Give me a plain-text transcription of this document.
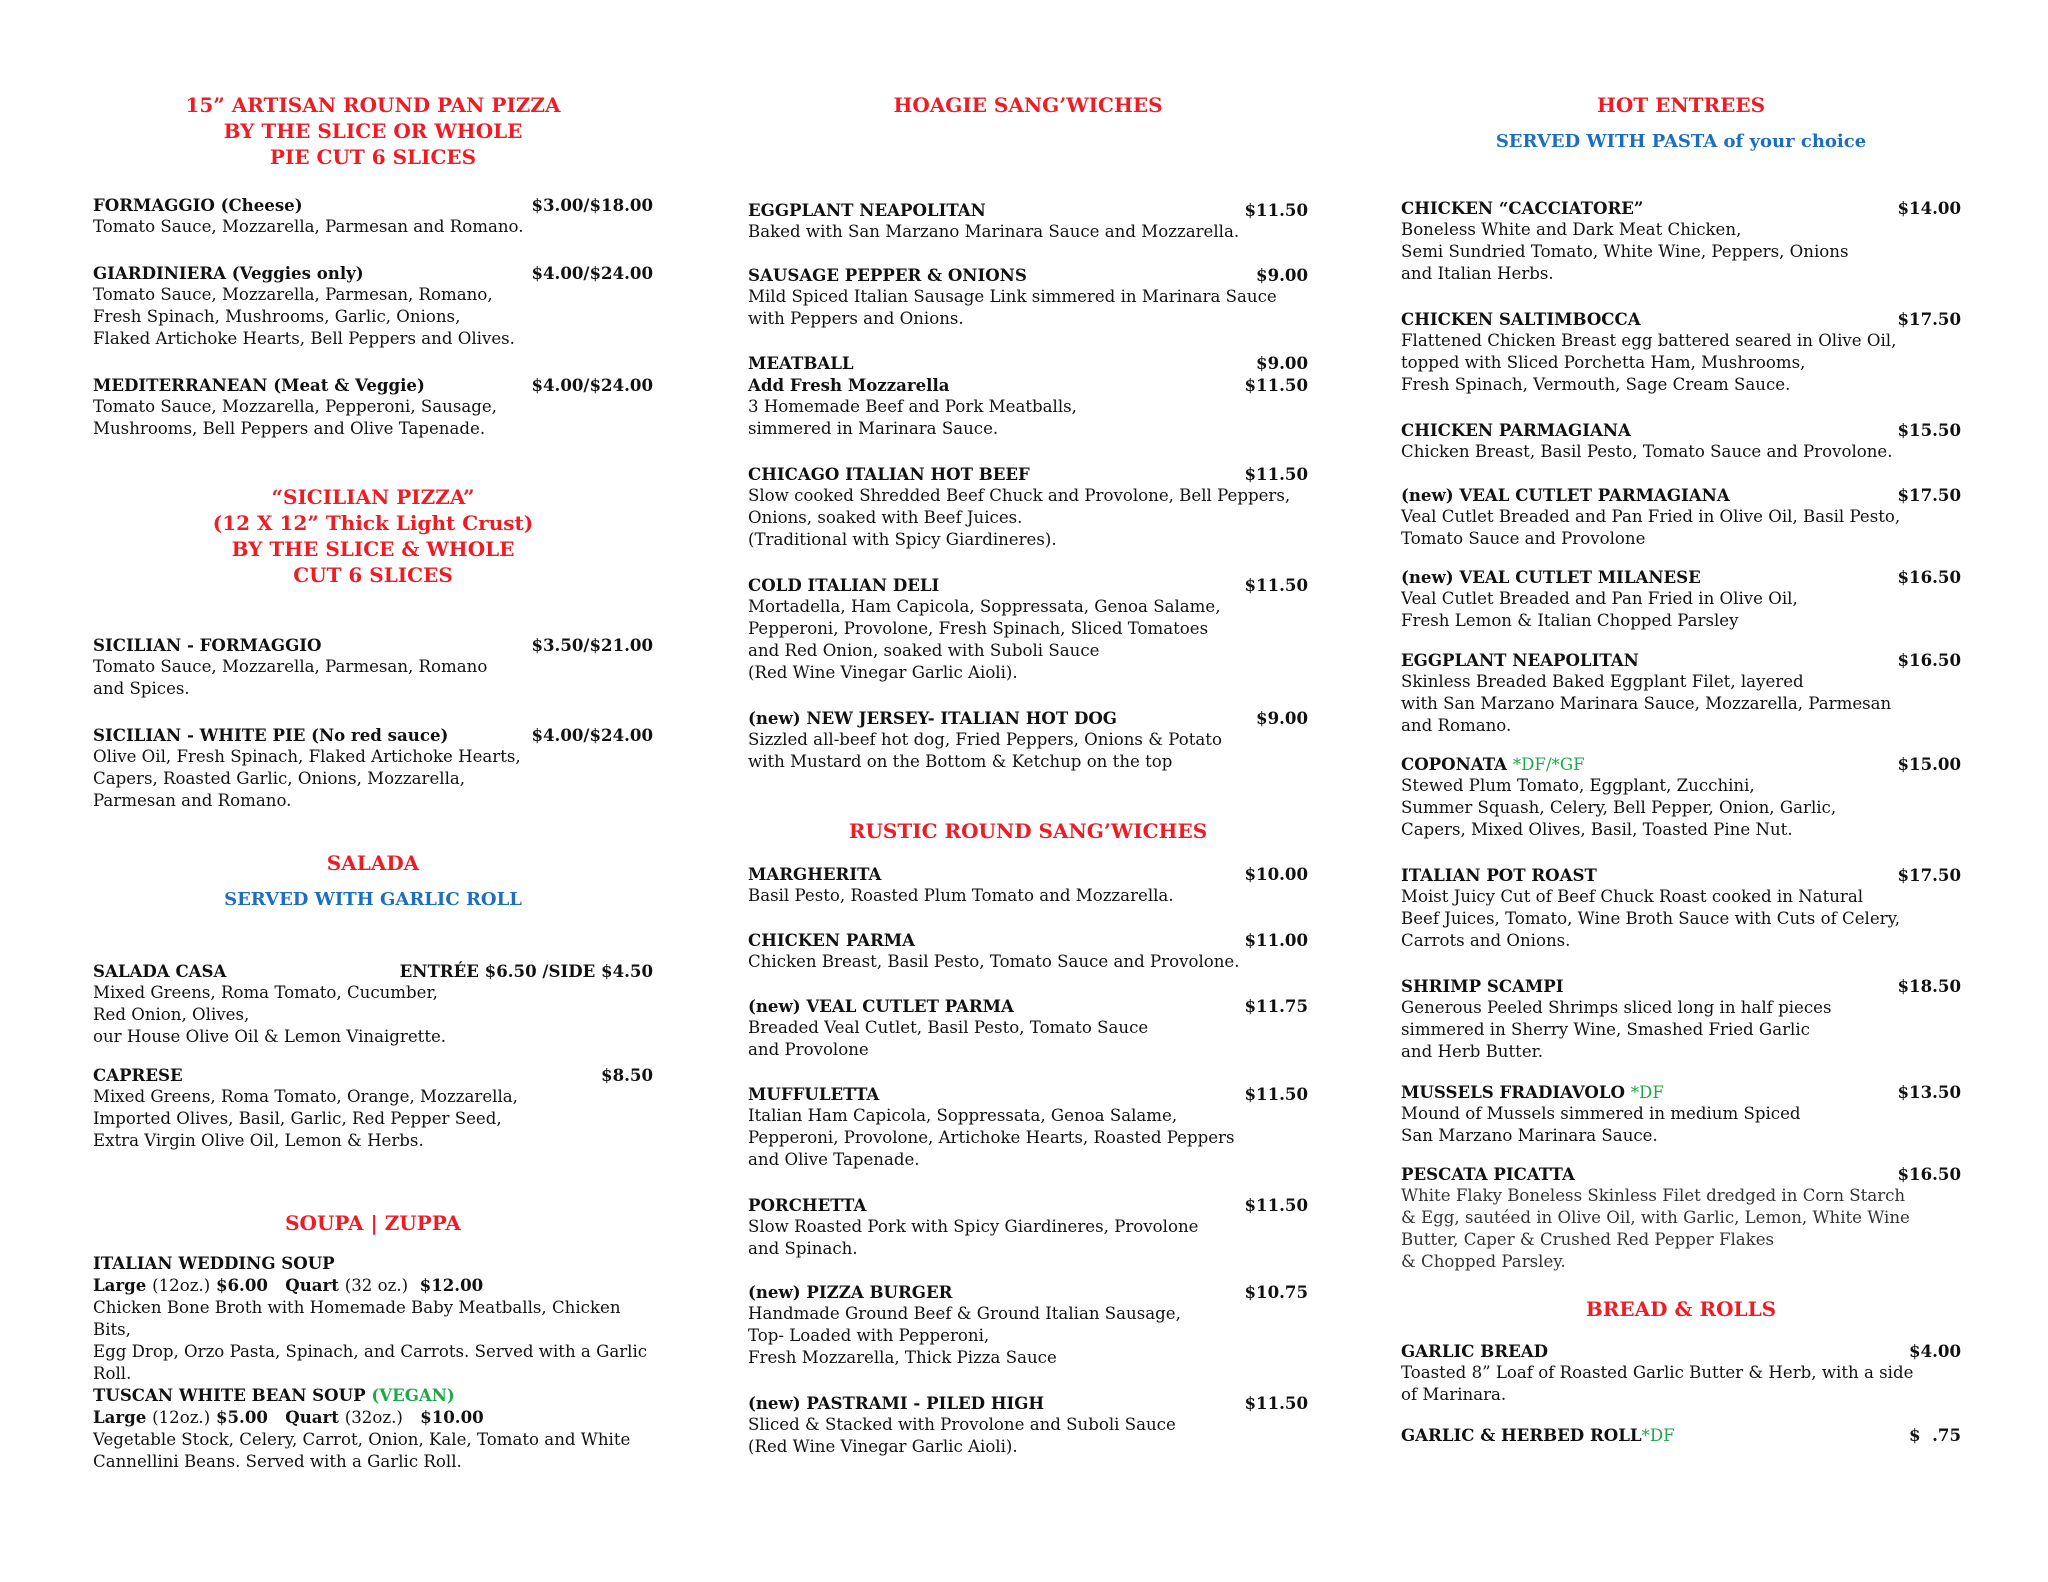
15” ARTISAN ROUND PAN PIZZA
BY THE SLICE OR WHOLE
PIE CUT 6 SLICES
FORMAGGIO (Cheese)	$3.00/$18.00
Tomato Sauce, Mozzarella, Parmesan and Romano.
GIARDINIERA (Veggies only)	$4.00/$24.00
Tomato Sauce, Mozzarella, Parmesan, Romano,
Fresh Spinach, Mushrooms, Garlic, Onions,
Flaked Artichoke Hearts, Bell Peppers and Olives.
MEDITERRANEAN (Meat & Veggie)	$4.00/$24.00
Tomato Sauce, Mozzarella, Pepperoni, Sausage,
Mushrooms, Bell Peppers and Olive Tapenade.
“SICILIAN PIZZA”
(12 X 12” Thick Light Crust)
BY THE SLICE & WHOLE
CUT 6 SLICES
SICILIAN - FORMAGGIO	$3.50/$21.00
Tomato Sauce, Mozzarella, Parmesan, Romano
and Spices.
SICILIAN - WHITE PIE (No red sauce)	$4.00/$24.00
Olive Oil, Fresh Spinach, Flaked Artichoke Hearts,
Capers, Roasted Garlic, Onions, Mozzarella,
Parmesan and Romano.
SALADA
SERVED WITH GARLIC ROLL
SALADA CASA	ENTRÉE $6.50 /SIDE $4.50
Mixed Greens, Roma Tomato, Cucumber,
Red Onion, Olives,
our House Olive Oil & Lemon Vinaigrette.
CAPRESE	$8.50
Mixed Greens, Roma Tomato, Orange, Mozzarella,
Imported Olives, Basil, Garlic, Red Pepper Seed,
Extra Virgin Olive Oil, Lemon & Herbs.
SOUPA | ZUPPA
ITALIAN WEDDING SOUP
Large (12oz.) $6.00 Quart (32 oz.) $12.00
Chicken Bone Broth with Homemade Baby Meatballs, Chicken Bits,
Egg Drop, Orzo Pasta, Spinach, and Carrots. Served with a Garlic
Roll.
TUSCAN WHITE BEAN SOUP (VEGAN)
Large (12oz.) $5.00 Quart (32oz.) $10.00
Vegetable Stock, Celery, Carrot, Onion, Kale, Tomato and White
Cannellini Beans. Served with a Garlic Roll.
HOAGIE SANG’WICHES
EGGPLANT NEAPOLITAN	$11.50
Baked with San Marzano Marinara Sauce and Mozzarella.
SAUSAGE PEPPER & ONIONS	$9.00
Mild Spiced Italian Sausage Link simmered in Marinara Sauce
with Peppers and Onions.
MEATBALL	$9.00
Add Fresh Mozzarella	$11.50
3 Homemade Beef and Pork Meatballs,
simmered in Marinara Sauce.
CHICAGO ITALIAN HOT BEEF	$11.50
Slow cooked Shredded Beef Chuck and Provolone, Bell Peppers,
Onions, soaked with Beef Juices.
(Traditional with Spicy Giardineres).
COLD ITALIAN DELI	$11.50
Mortadella, Ham Capicola, Soppressata, Genoa Salame,
Pepperoni, Provolone, Fresh Spinach, Sliced Tomatoes
and Red Onion, soaked with Suboli Sauce
(Red Wine Vinegar Garlic Aioli).
(new) NEW JERSEY- ITALIAN HOT DOG	$9.00
Sizzled all-beef hot dog, Fried Peppers, Onions & Potato
with Mustard on the Bottom & Ketchup on the top
RUSTIC ROUND SANG’WICHES
MARGHERITA	$10.00
Basil Pesto, Roasted Plum Tomato and Mozzarella.
CHICKEN PARMA	$11.00
Chicken Breast, Basil Pesto, Tomato Sauce and Provolone.
(new) VEAL CUTLET PARMA	$11.75
Breaded Veal Cutlet, Basil Pesto, Tomato Sauce
and Provolone
MUFFULETTA	$11.50
Italian Ham Capicola, Soppressata, Genoa Salame,
Pepperoni, Provolone, Artichoke Hearts, Roasted Peppers
and Olive Tapenade.
PORCHETTA	$11.50
Slow Roasted Pork with Spicy Giardineres, Provolone
and Spinach.
(new) PIZZA BURGER	$10.75
Handmade Ground Beef & Ground Italian Sausage,
Top- Loaded with Pepperoni,
Fresh Mozzarella, Thick Pizza Sauce
(new) PASTRAMI - PILED HIGH	$11.50
Sliced & Stacked with Provolone and Suboli Sauce
(Red Wine Vinegar Garlic Aioli).
HOT ENTREES
SERVED WITH PASTA of your choice
CHICKEN “CACCIATORE”	$14.00
Boneless White and Dark Meat Chicken,
Semi Sundried Tomato, White Wine, Peppers, Onions
and Italian Herbs.
CHICKEN SALTIMBOCCA	$17.50
Flattened Chicken Breast egg battered seared in Olive Oil,
topped with Sliced Porchetta Ham, Mushrooms,
Fresh Spinach, Vermouth, Sage Cream Sauce.
CHICKEN PARMAGIANA	$15.50
Chicken Breast, Basil Pesto, Tomato Sauce and Provolone.
(new) VEAL CUTLET PARMAGIANA	$17.50
Veal Cutlet Breaded and Pan Fried in Olive Oil, Basil Pesto,
Tomato Sauce and Provolone
(new) VEAL CUTLET MILANESE	$16.50
Veal Cutlet Breaded and Pan Fried in Olive Oil,
Fresh Lemon & Italian Chopped Parsley
EGGPLANT NEAPOLITAN	$16.50
Skinless Breaded Baked Eggplant Filet, layered
with San Marzano Marinara Sauce, Mozzarella, Parmesan
and Romano.
COPONATA *DF/*GF	$15.00
Stewed Plum Tomato, Eggplant, Zucchini,
Summer Squash, Celery, Bell Pepper, Onion, Garlic,
Capers, Mixed Olives, Basil, Toasted Pine Nut.
ITALIAN POT ROAST	$17.50
Moist Juicy Cut of Beef Chuck Roast cooked in Natural
Beef Juices, Tomato, Wine Broth Sauce with Cuts of Celery,
Carrots and Onions.
SHRIMP SCAMPI	$18.50
Generous Peeled Shrimps sliced long in half pieces
simmered in Sherry Wine, Smashed Fried Garlic
and Herb Butter.
MUSSELS FRADIAVOLO *DF	$13.50
Mound of Mussels simmered in medium Spiced
San Marzano Marinara Sauce.
PESCATA PICATTA	$16.50
White Flaky Boneless Skinless Filet dredged in Corn Starch
& Egg, sautéed in Olive Oil, with Garlic, Lemon, White Wine
Butter, Caper & Crushed Red Pepper Flakes
& Chopped Parsley.
BREAD & ROLLS
GARLIC BREAD	$4.00
Toasted 8” Loaf of Roasted Garlic Butter & Herb, with a side
of Marinara.
GARLIC & HERBED ROLL*DF	$  .75
